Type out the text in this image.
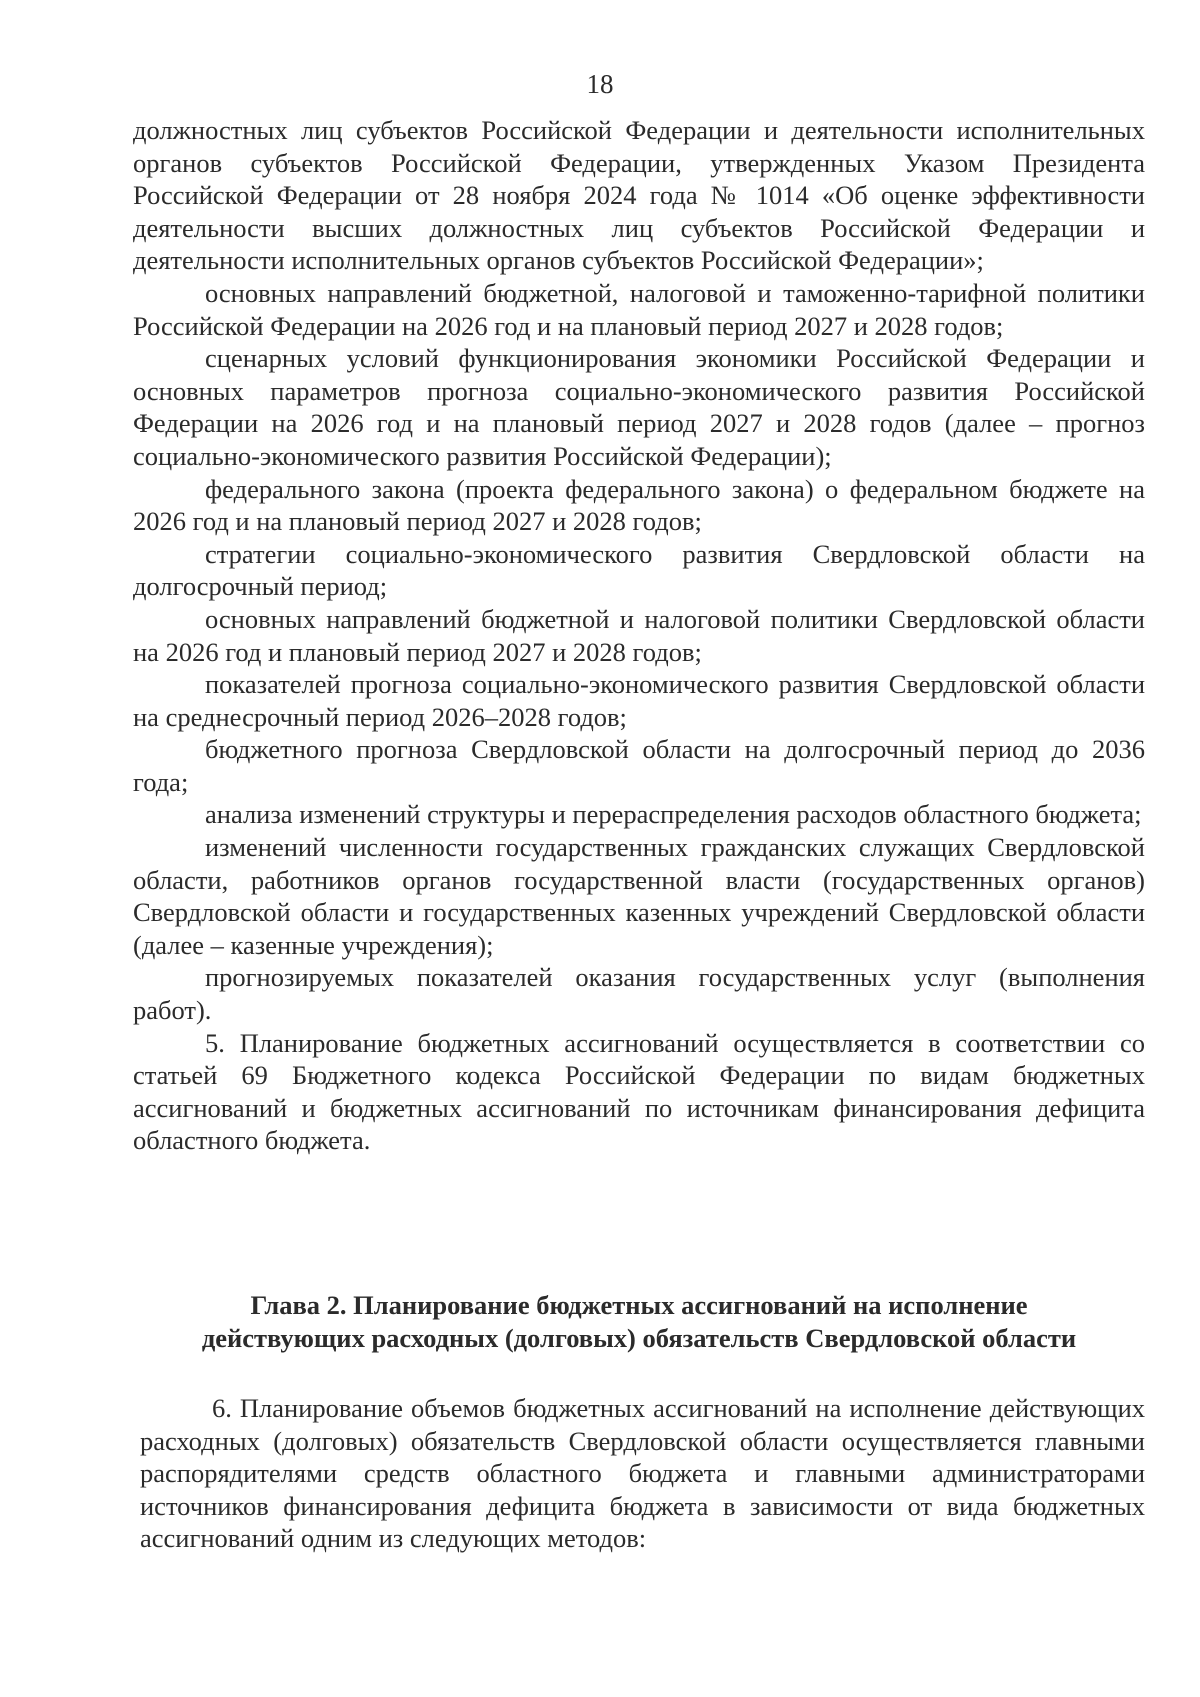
18

должностных лиц субъектов Российской Федерации и деятельности исполнительных органов субъектов Российской Федерации, утвержденных Указом Президента Российской Федерации от 28 ноября 2024 года № 1014 «Об оценке эффективности деятельности высших должностных лиц субъектов Российской Федерации и деятельности исполнительных органов субъектов Российской Федерации»;

основных направлений бюджетной, налоговой и таможенно-тарифной политики Российской Федерации на 2026 год и на плановый период 2027 и 2028 годов;

сценарных условий функционирования экономики Российской Федерации и основных параметров прогноза социально-экономического развития Российской Федерации на 2026 год и на плановый период 2027 и 2028 годов (далее – прогноз социально-экономического развития Российской Федерации);

федерального закона (проекта федерального закона) о федеральном бюджете на 2026 год и на плановый период 2027 и 2028 годов;

стратегии социально-экономического развития Свердловской области на долгосрочный период;

основных направлений бюджетной и налоговой политики Свердловской области на 2026 год и плановый период 2027 и 2028 годов;

показателей прогноза социально-экономического развития Свердловской области на среднесрочный период 2026–2028 годов;

бюджетного прогноза Свердловской области на долгосрочный период до 2036 года;

анализа изменений структуры и перераспределения расходов областного бюджета;

изменений численности государственных гражданских служащих Свердловской области, работников органов государственной власти (государственных органов) Свердловской области и государственных казенных учреждений Свердловской области (далее – казенные учреждения);

прогнозируемых показателей оказания государственных услуг (выполнения работ).

5. Планирование бюджетных ассигнований осуществляется в соответствии со статьей 69 Бюджетного кодекса Российской Федерации по видам бюджетных ассигнований и бюджетных ассигнований по источникам финансирования дефицита областного бюджета.

Глава 2. Планирование бюджетных ассигнований на исполнение
действующих расходных (долговых) обязательств Свердловской области

6. Планирование объемов бюджетных ассигнований на исполнение действующих расходных (долговых) обязательств Свердловской области осуществляется главными распорядителями средств областного бюджета и главными администраторами источников финансирования дефицита бюджета в зависимости от вида бюджетных ассигнований одним из следующих методов:
